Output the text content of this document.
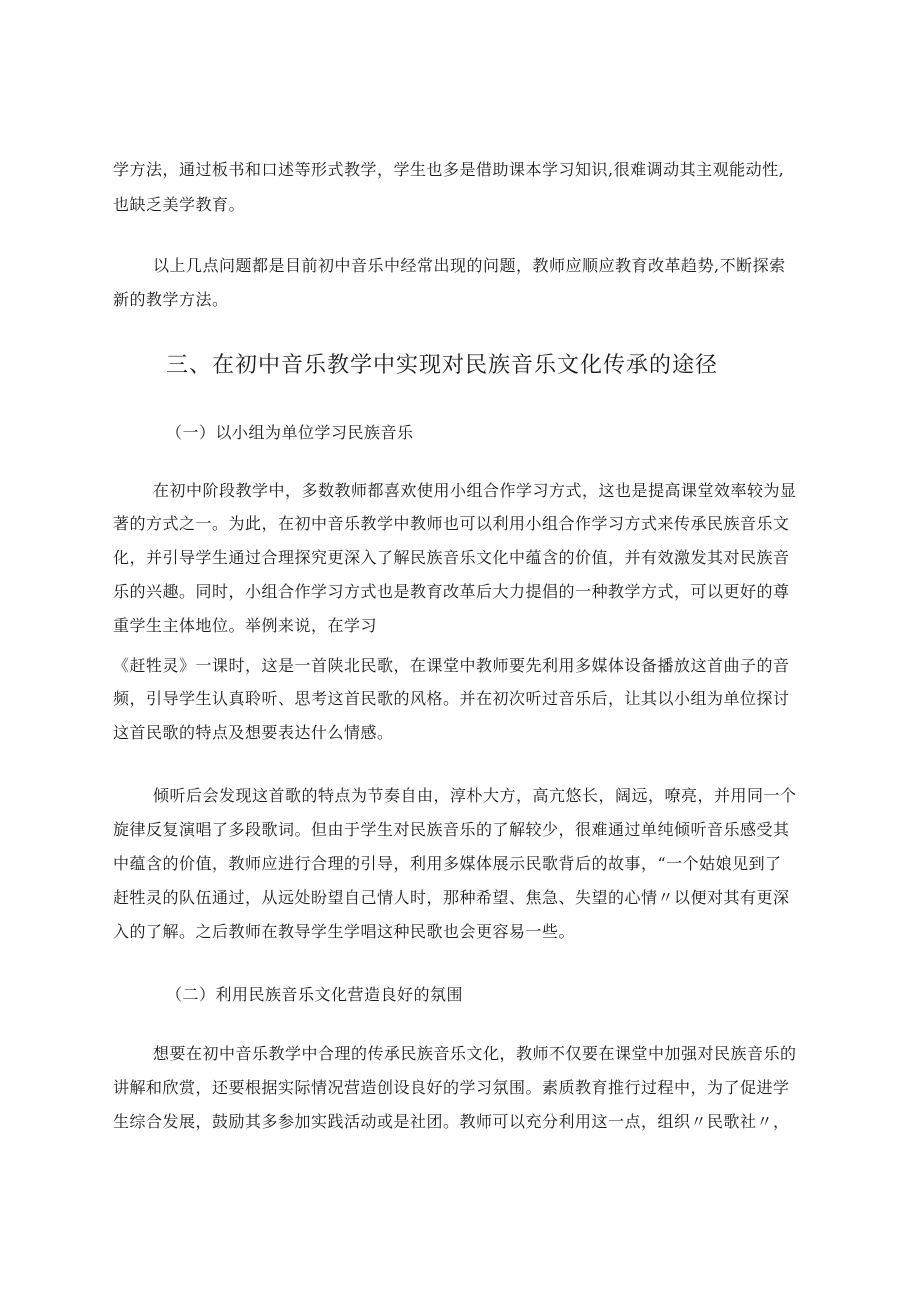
学方法，通过板书和口述等形式教学，学生也多是借助课本学习知识,很难调动其主观能动性,
也缺乏美学教育。
以上几点问题都是目前初中音乐中经常出现的问题，教师应顺应教育改革趋势,不断探索
新的教学方法。
三、在初中音乐教学中实现对民族音乐文化传承的途径
（一）以小组为单位学习民族音乐
在初中阶段教学中，多数教师都喜欢使用小组合作学习方式，这也是提高课堂效率较为显
著的方式之一。为此，在初中音乐教学中教师也可以利用小组合作学习方式来传承民族音乐文
化，并引导学生通过合理探究更深入了解民族音乐文化中蕴含的价值，并有效激发其对民族音
乐的兴趣。同时，小组合作学习方式也是教育改革后大力提倡的一种教学方式，可以更好的尊
重学生主体地位。举例来说，在学习
《赶牲灵》一课时，这是一首陕北民歌，在课堂中教师要先利用多媒体设备播放这首曲子的音
频，引导学生认真聆听、思考这首民歌的风格。并在初次听过音乐后，让其以小组为单位探讨
这首民歌的特点及想要表达什么情感。
倾听后会发现这首歌的特点为节奏自由，淳朴大方，高亢悠长，阔远，嘹亮，并用同一个
旋律反复演唱了多段歌词。但由于学生对民族音乐的了解较少，很难通过单纯倾听音乐感受其
中蕴含的价值，教师应进行合理的引导，利用多媒体展示民歌背后的故事，“一个姑娘见到了
赶牲灵的队伍通过，从远处盼望自己情人时，那种希望、焦急、失望的心情〃以便对其有更深
入的了解。之后教师在教导学生学唱这种民歌也会更容易一些。
（二）利用民族音乐文化营造良好的氛围
想要在初中音乐教学中合理的传承民族音乐文化，教师不仅要在课堂中加强对民族音乐的
讲解和欣赏，还要根据实际情况营造创设良好的学习氛围。素质教育推行过程中，为了促进学
生综合发展，鼓励其多参加实践活动或是社团。教师可以充分利用这一点，组织〃民歌社〃，
